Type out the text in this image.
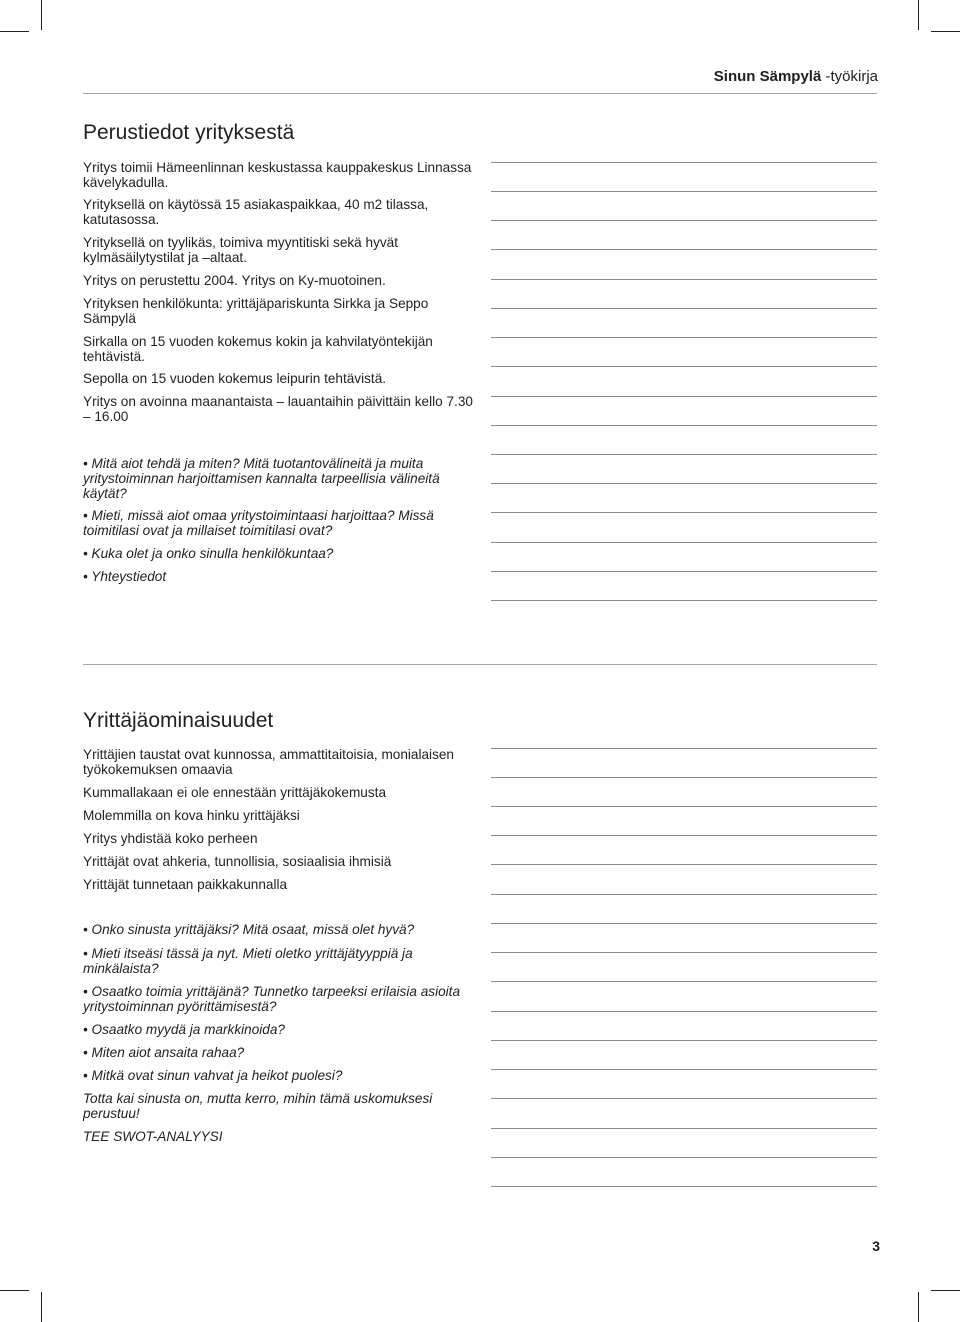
Sinun Sämpylä -työkirja
Perustiedot yrityksestä

Yritys toimii Hämeenlinnan keskustassa kauppakeskus Linnassa kävelykadulla.

Yrityksellä on käytössä 15 asiakaspaikkaa, 40 m2 tilassa, katutasossa.

Yrityksellä on tyylikäs, toimiva myyntitiski sekä hyvät kylmäsäilytystilat ja –altaat.

Yritys on perustettu 2004. Yritys on Ky-muotoinen.

Yrityksen henkilökunta: yrittäjäpariskunta Sirkka ja Seppo Sämpylä

Sirkalla on 15 vuoden kokemus kokin ja kahvilatyöntekijän tehtävistä.

Sepolla on 15 vuoden kokemus leipurin tehtävistä.

Yritys on avoinna maanantaista – lauantaihin päivittäin kello 7.30 – 16.00

• Mitä aiot tehdä ja miten? Mitä tuotantovälineitä ja muita yritystoiminnan harjoittamisen kannalta tarpeellisia välineitä käytät?

• Mieti, missä aiot omaa yritystoimintaasi harjoittaa? Missä toimitilasi ovat ja millaiset toimitilasi ovat?

• Kuka olet ja onko sinulla henkilökuntaa?

• Yhteystiedot

Yrittäjäominaisuudet

Yrittäjien taustat ovat kunnossa, ammattitaitoisia, monialaisen työkokemuksen omaavia

Kummallakaan ei ole ennestään yrittäjäkokemusta

Molemmilla on kova hinku yrittäjäksi

Yritys yhdistää koko perheen

Yrittäjät ovat ahkeria, tunnollisia, sosiaalisia ihmisiä

Yrittäjät tunnetaan paikkakunnalla

• Onko sinusta yrittäjäksi? Mitä osaat, missä olet hyvä?

• Mieti itseäsi tässä ja nyt. Mieti oletko yrittäjätyyppiä ja minkälaista?

• Osaatko toimia yrittäjänä? Tunnetko tarpeeksi erilaisia asioita yritystoiminnan pyörittämisestä?

• Osaatko myydä ja markkinoida?

• Miten aiot ansaita rahaa?

• Mitkä ovat sinun vahvat ja heikot puolesi?

Totta kai sinusta on, mutta kerro, mihin tämä uskomuksesi perustuu!

TEE SWOT-ANALYYSI

3
